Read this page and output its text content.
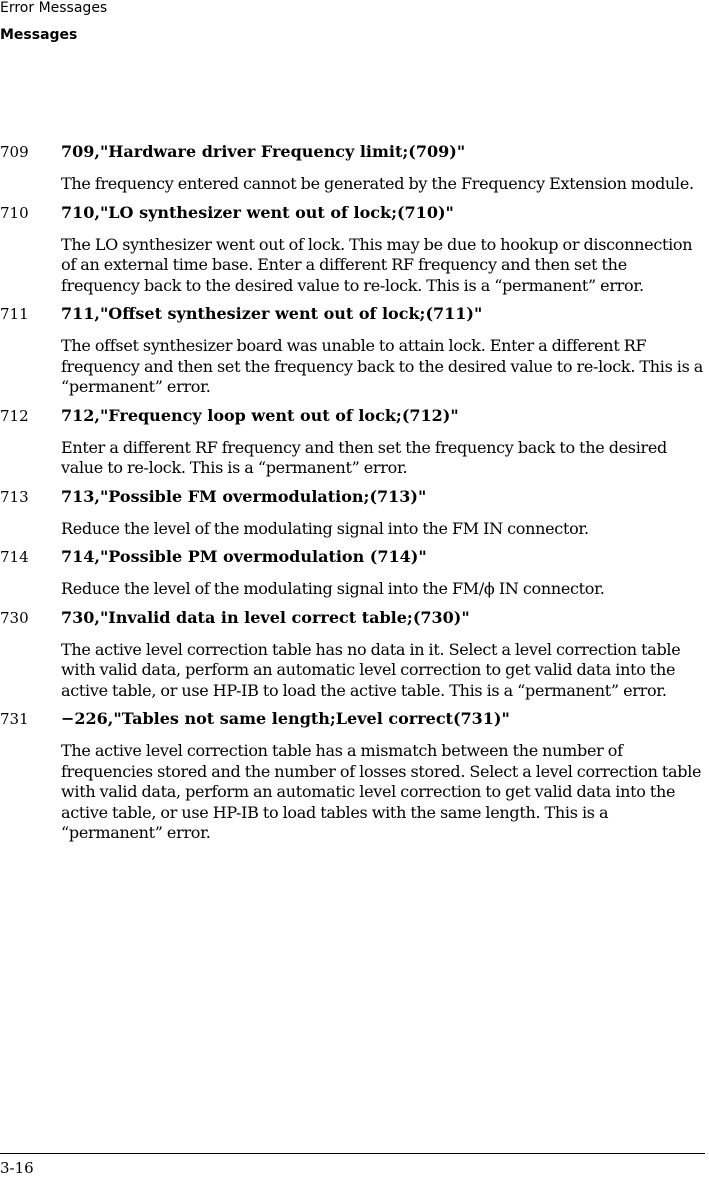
Error Messages
Messages
709	709,"Hardware driver Frequency limit;(709)"
The frequency entered cannot be generated by the Frequency Extension module.
710	710,"LO synthesizer went out of lock;(710)"
The LO synthesizer went out of lock. This may be due to hookup or disconnection of an external time base. Enter a different RF frequency and then set the frequency back to the desired value to re-lock. This is a “permanent” error.
711	711,"Offset synthesizer went out of lock;(711)"
The offset synthesizer board was unable to attain lock. Enter a different RF frequency and then set the frequency back to the desired value to re-lock. This is a “permanent” error.
712	712,"Frequency loop went out of lock;(712)"
Enter a different RF frequency and then set the frequency back to the desired value to re-lock. This is a “permanent” error.
713	713,"Possible FM overmodulation;(713)"
Reduce the level of the modulating signal into the FM IN connector.
714	714,"Possible PM overmodulation (714)"
Reduce the level of the modulating signal into the FM/ϕ IN connector.
730	730,"Invalid data in level correct table;(730)"
The active level correction table has no data in it. Select a level correction table with valid data, perform an automatic level correction to get valid data into the active table, or use HP-IB to load the active table. This is a “permanent” error.
731	−226,"Tables not same length;Level correct(731)"
The active level correction table has a mismatch between the number of frequencies stored and the number of losses stored. Select a level correction table with valid data, perform an automatic level correction to get valid data into the active table, or use HP-IB to load tables with the same length. This is a “permanent” error.
3-16
